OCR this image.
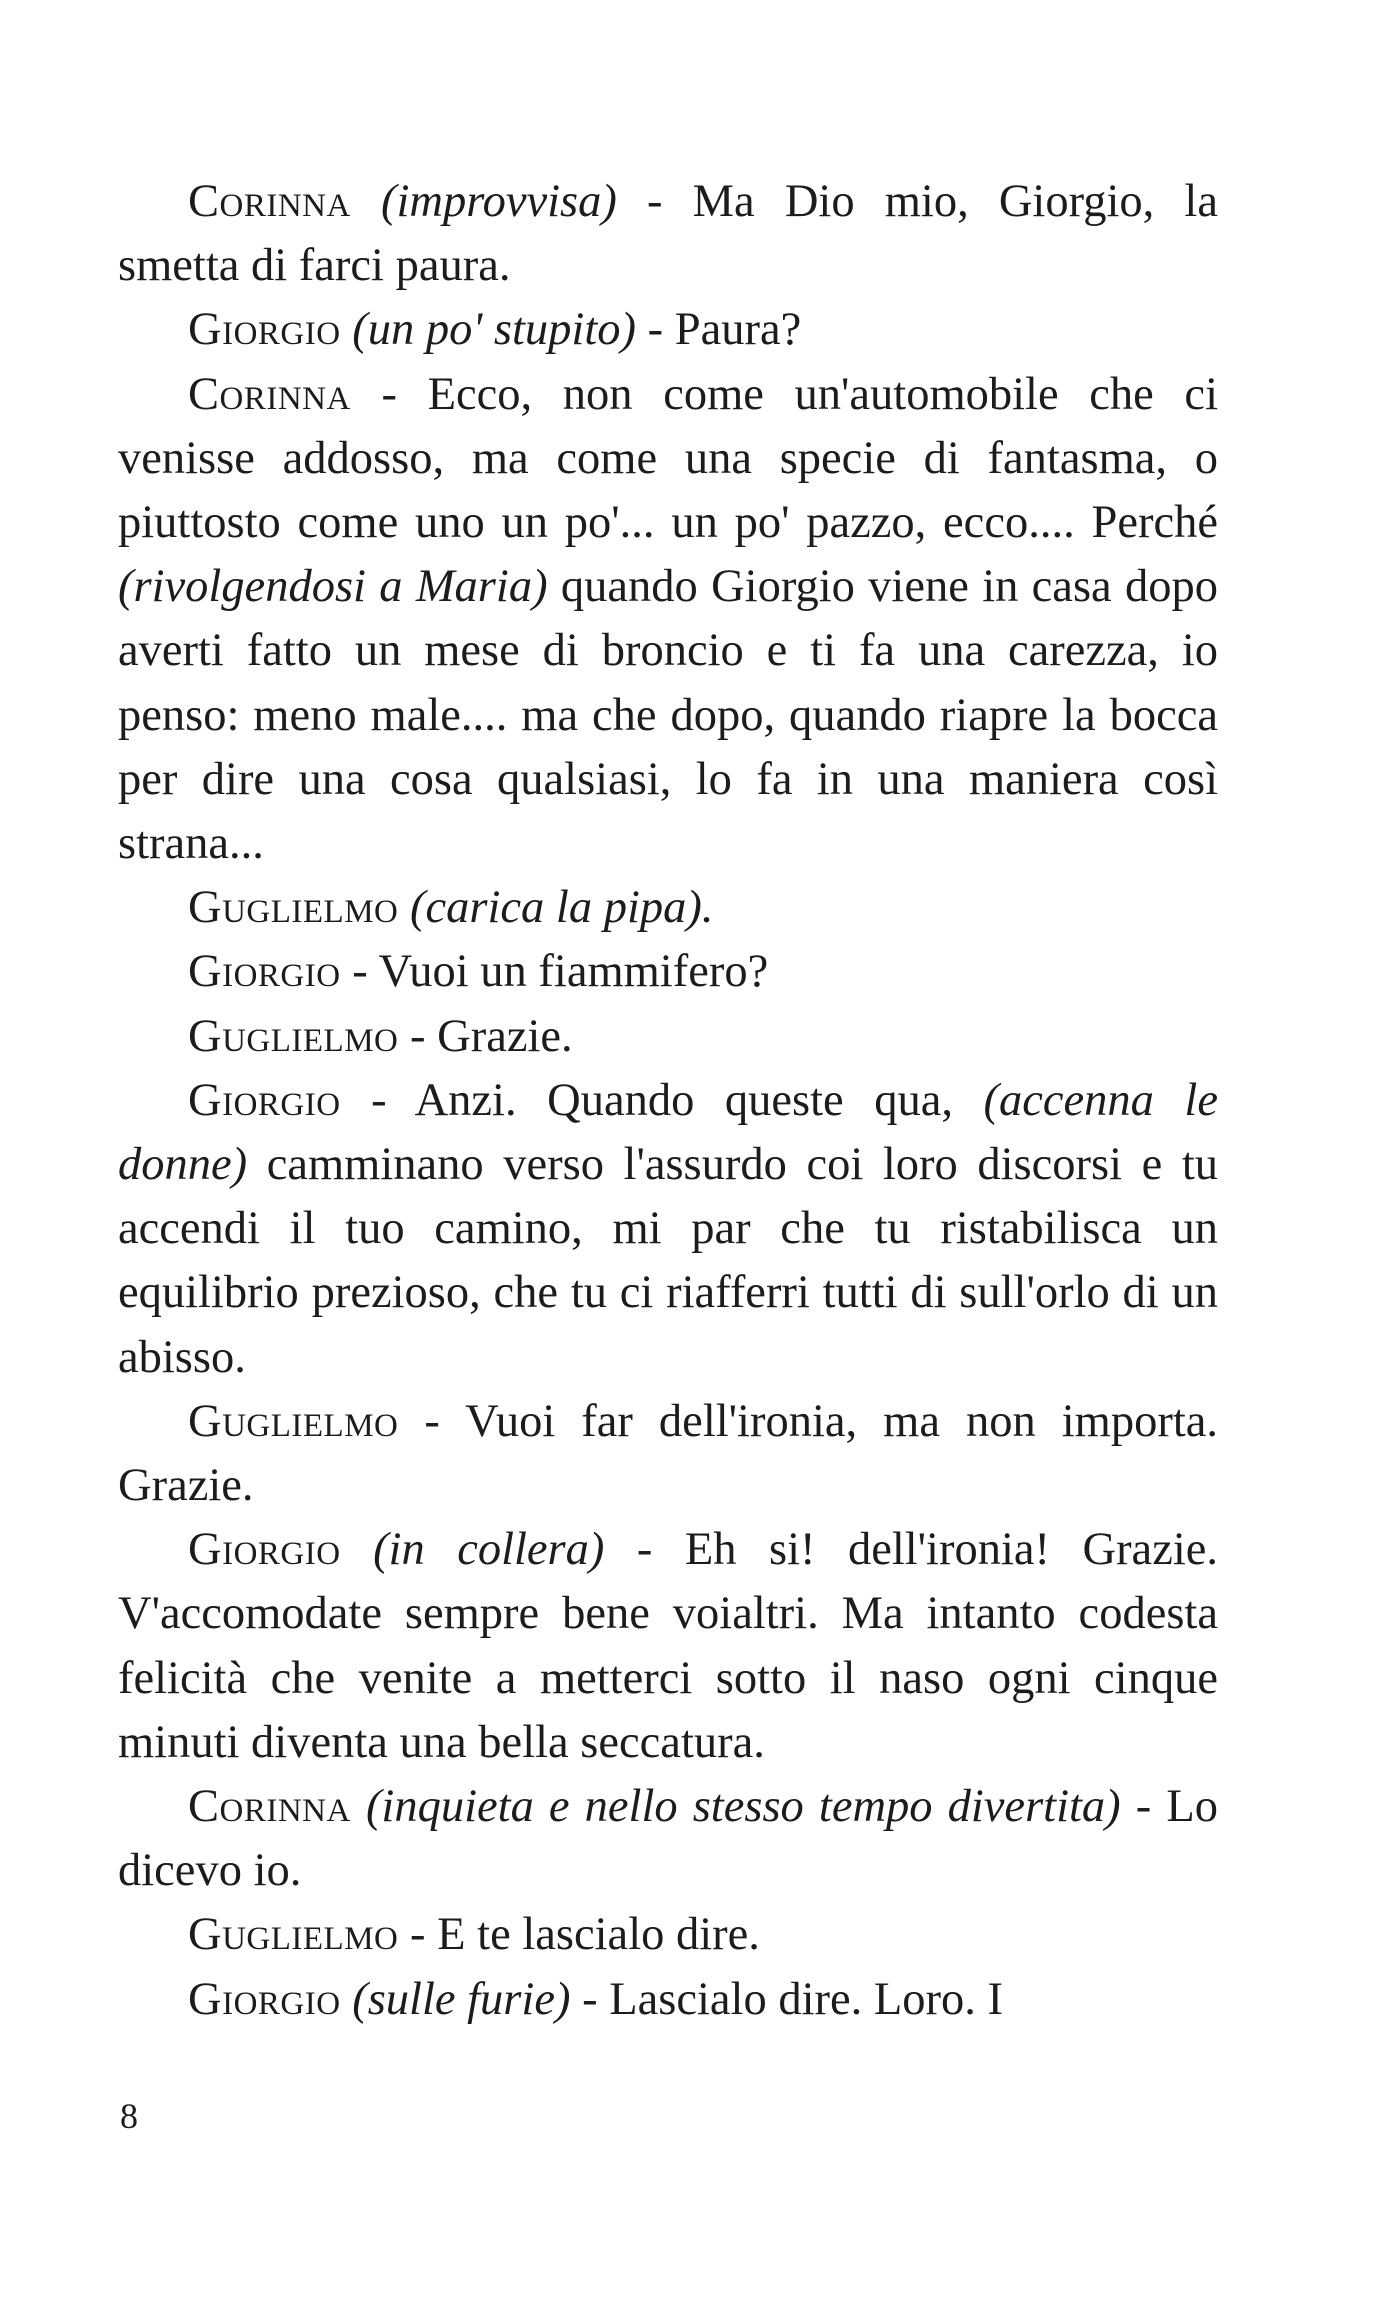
Corinna (improvvisa) - Ma Dio mio, Giorgio, la smetta di farci paura.

Giorgio (un po' stupito) - Paura?

Corinna - Ecco, non come un'automobile che ci venisse addosso, ma come una specie di fantasma, o piuttosto come uno un po'... un po' pazzo, ecco.... Perché (rivolgendosi a Maria) quando Giorgio viene in casa dopo averti fatto un mese di broncio e ti fa una carezza, io penso: meno male.... ma che dopo, quando riapre la bocca per dire una cosa qualsiasi, lo fa in una maniera così strana...

Guglielmo (carica la pipa).

Giorgio - Vuoi un fiammifero?

Guglielmo - Grazie.

Giorgio - Anzi. Quando queste qua, (accenna le donne) camminano verso l'assurdo coi loro discorsi e tu accendi il tuo camino, mi par che tu ristabilisca un equilibrio prezioso, che tu ci riafferri tutti di sull'orlo di un abisso.

Guglielmo - Vuoi far dell'ironia, ma non importa. Grazie.

Giorgio (in collera) - Eh si! dell'ironia! Grazie. V'accomodate sempre bene voialtri. Ma intanto codesta felicità che venite a metterci sotto il naso ogni cinque minuti diventa una bella seccatura.

Corinna (inquieta e nello stesso tempo divertita) - Lo dicevo io.

Guglielmo - E te lascialo dire.

Giorgio (sulle furie) - Lascialo dire. Loro. I

8
